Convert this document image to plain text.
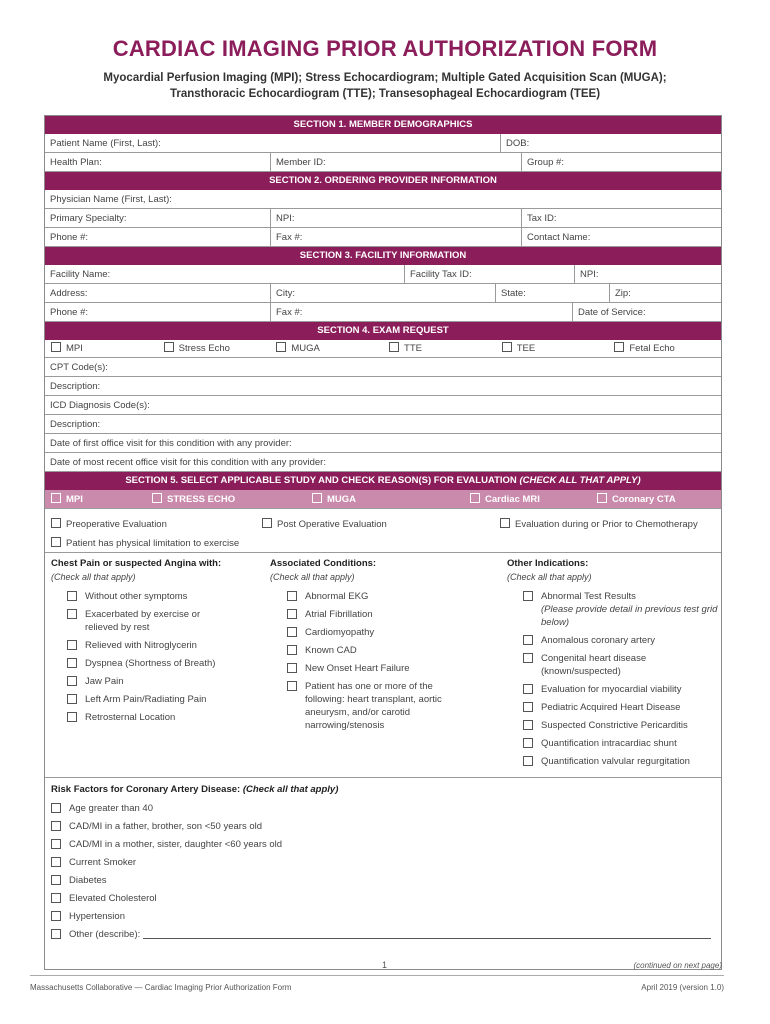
CARDIAC IMAGING PRIOR AUTHORIZATION FORM
Myocardial Perfusion Imaging (MPI); Stress Echocardiogram; Multiple Gated Acquisition Scan (MUGA);
Transthoracic Echocardiogram (TTE); Transesophageal Echocardiogram (TEE)
SECTION 1. MEMBER DEMOGRAPHICS
Patient Name (First, Last):	DOB:
Health Plan:	Member ID:	Group #:
SECTION 2. ORDERING PROVIDER INFORMATION
Physician Name (First, Last):
Primary Specialty:	NPI:	Tax ID:
Phone #:	Fax #:	Contact Name:
SECTION 3. FACILITY INFORMATION
Facility Name:	Facility Tax ID:	NPI:
Address:	City:	State:	Zip:
Phone #:	Fax #:	Date of Service:
SECTION 4. EXAM REQUEST
MPI	Stress Echo	MUGA	TTE	TEE	Fetal Echo
CPT Code(s):
Description:
ICD Diagnosis Code(s):
Description:
Date of first office visit for this condition with any provider:
Date of most recent office visit for this condition with any provider:
SECTION 5. SELECT APPLICABLE STUDY AND CHECK REASON(S) FOR EVALUATION (CHECK ALL THAT APPLY)
MPI	STRESS ECHO	MUGA	Cardiac MRI	Coronary CTA
Preoperative Evaluation	Post Operative Evaluation	Evaluation during or Prior to Chemotherapy
Patient has physical limitation to exercise
Chest Pain or suspected Angina with:
(Check all that apply)
Without other symptoms
Exacerbated by exercise or relieved by rest
Relieved with Nitroglycerin
Dyspnea (Shortness of Breath)
Jaw Pain
Left Arm Pain/Radiating Pain
Retrosternal Location
Associated Conditions:
(Check all that apply)
Abnormal EKG
Atrial Fibrillation
Cardiomyopathy
Known CAD
New Onset Heart Failure
Patient has one or more of the following: heart transplant, aortic aneurysm, and/or carotid narrowing/stenosis
Other Indications:
(Check all that apply)
Abnormal Test Results
(Please provide detail in previous test grid below)
Anomalous coronary artery
Congenital heart disease (known/suspected)
Evaluation for myocardial viability
Pediatric Acquired Heart Disease
Suspected Constrictive Pericarditis
Quantification intracardiac shunt
Quantification valvular regurgitation
Risk Factors for Coronary Artery Disease: (Check all that apply)
Age greater than 40
CAD/MI in a father, brother, son <50 years old
CAD/MI in a mother, sister, daughter <60 years old
Current Smoker
Diabetes
Elevated Cholesterol
Hypertension
Other (describe):
1	(continued on next page)
Massachusetts Collaborative — Cardiac Imaging Prior Authorization Form	April 2019 (version 1.0)
